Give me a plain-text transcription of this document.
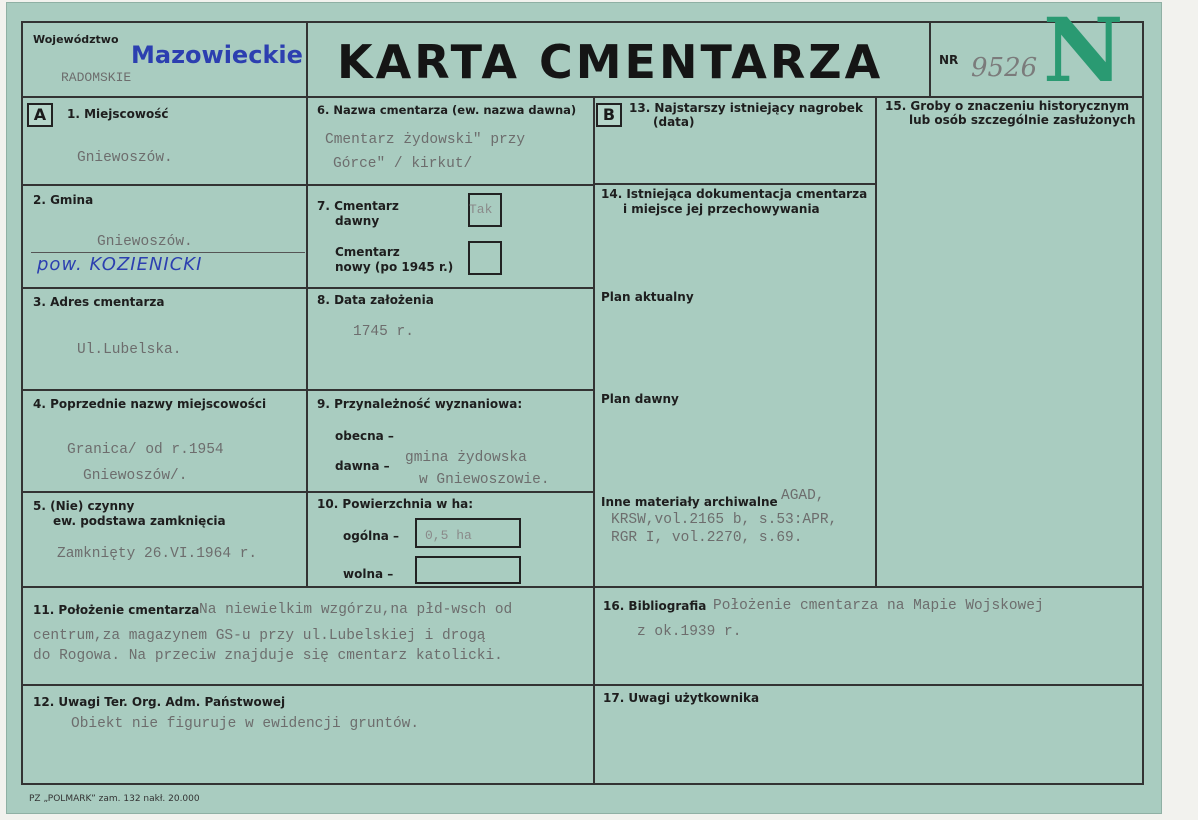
Województwo
Mazowieckie
RADOMSKIE	KARTA CMENTARZA	NR 9526 N
A	B
1. Miejscowość
Gniewoszów.
2. Gmina
Gniewoszów.
pow. KOZIENICKI
3. Adres cmentarza
Ul.Lubelska.
4. Poprzednie nazwy miejscowości
Granica/ od r.1954
Gniewoszów/.
5. (Nie) czynny
ew. podstawa zamknięcia
Zamknięty 26.VI.1964 r.
6. Nazwa cmentarza (ew. nazwa dawna)
Cmentarz żydowski" przy
Górce" / kirkut/
7. Cmentarz
dawny
Tak
Cmentarz
nowy (po 1945 r.)
8. Data założenia
1745 r.
9. Przynależność wyznaniowa:
obecna –
dawna – gmina żydowska
w Gniewoszowie.
10. Powierzchnia w ha:
ogólna – 0,5 ha
wolna –
13. Najstarszy istniejący nagrobek
(data)
14. Istniejąca dokumentacja cmentarza
i miejsce jej przechowywania
Plan aktualny
Plan dawny
Inne materiały archiwalne AGAD,
KRSW,vol.2165 b, s.53:APR,
RGR I, vol.2270, s.69.
15. Groby o znaczeniu historycznym
lub osób szczególnie zasłużonych
11. Położenie cmentarza Na niewielkim wzgórzu,na płd-wsch od
centrum,za magazynem GS-u przy ul.Lubelskiej i drogą
do Rogowa. Na przeciw znajduje się cmentarz katolicki.
16. Bibliografia Położenie cmentarza na Mapie Wojskowej
z ok.1939 r.
12. Uwagi Ter. Org. Adm. Państwowej
Obiekt nie figuruje w ewidencji gruntów.
17. Uwagi użytkownika
PZ „POLMARK” zam. 132 nakł. 20.000
